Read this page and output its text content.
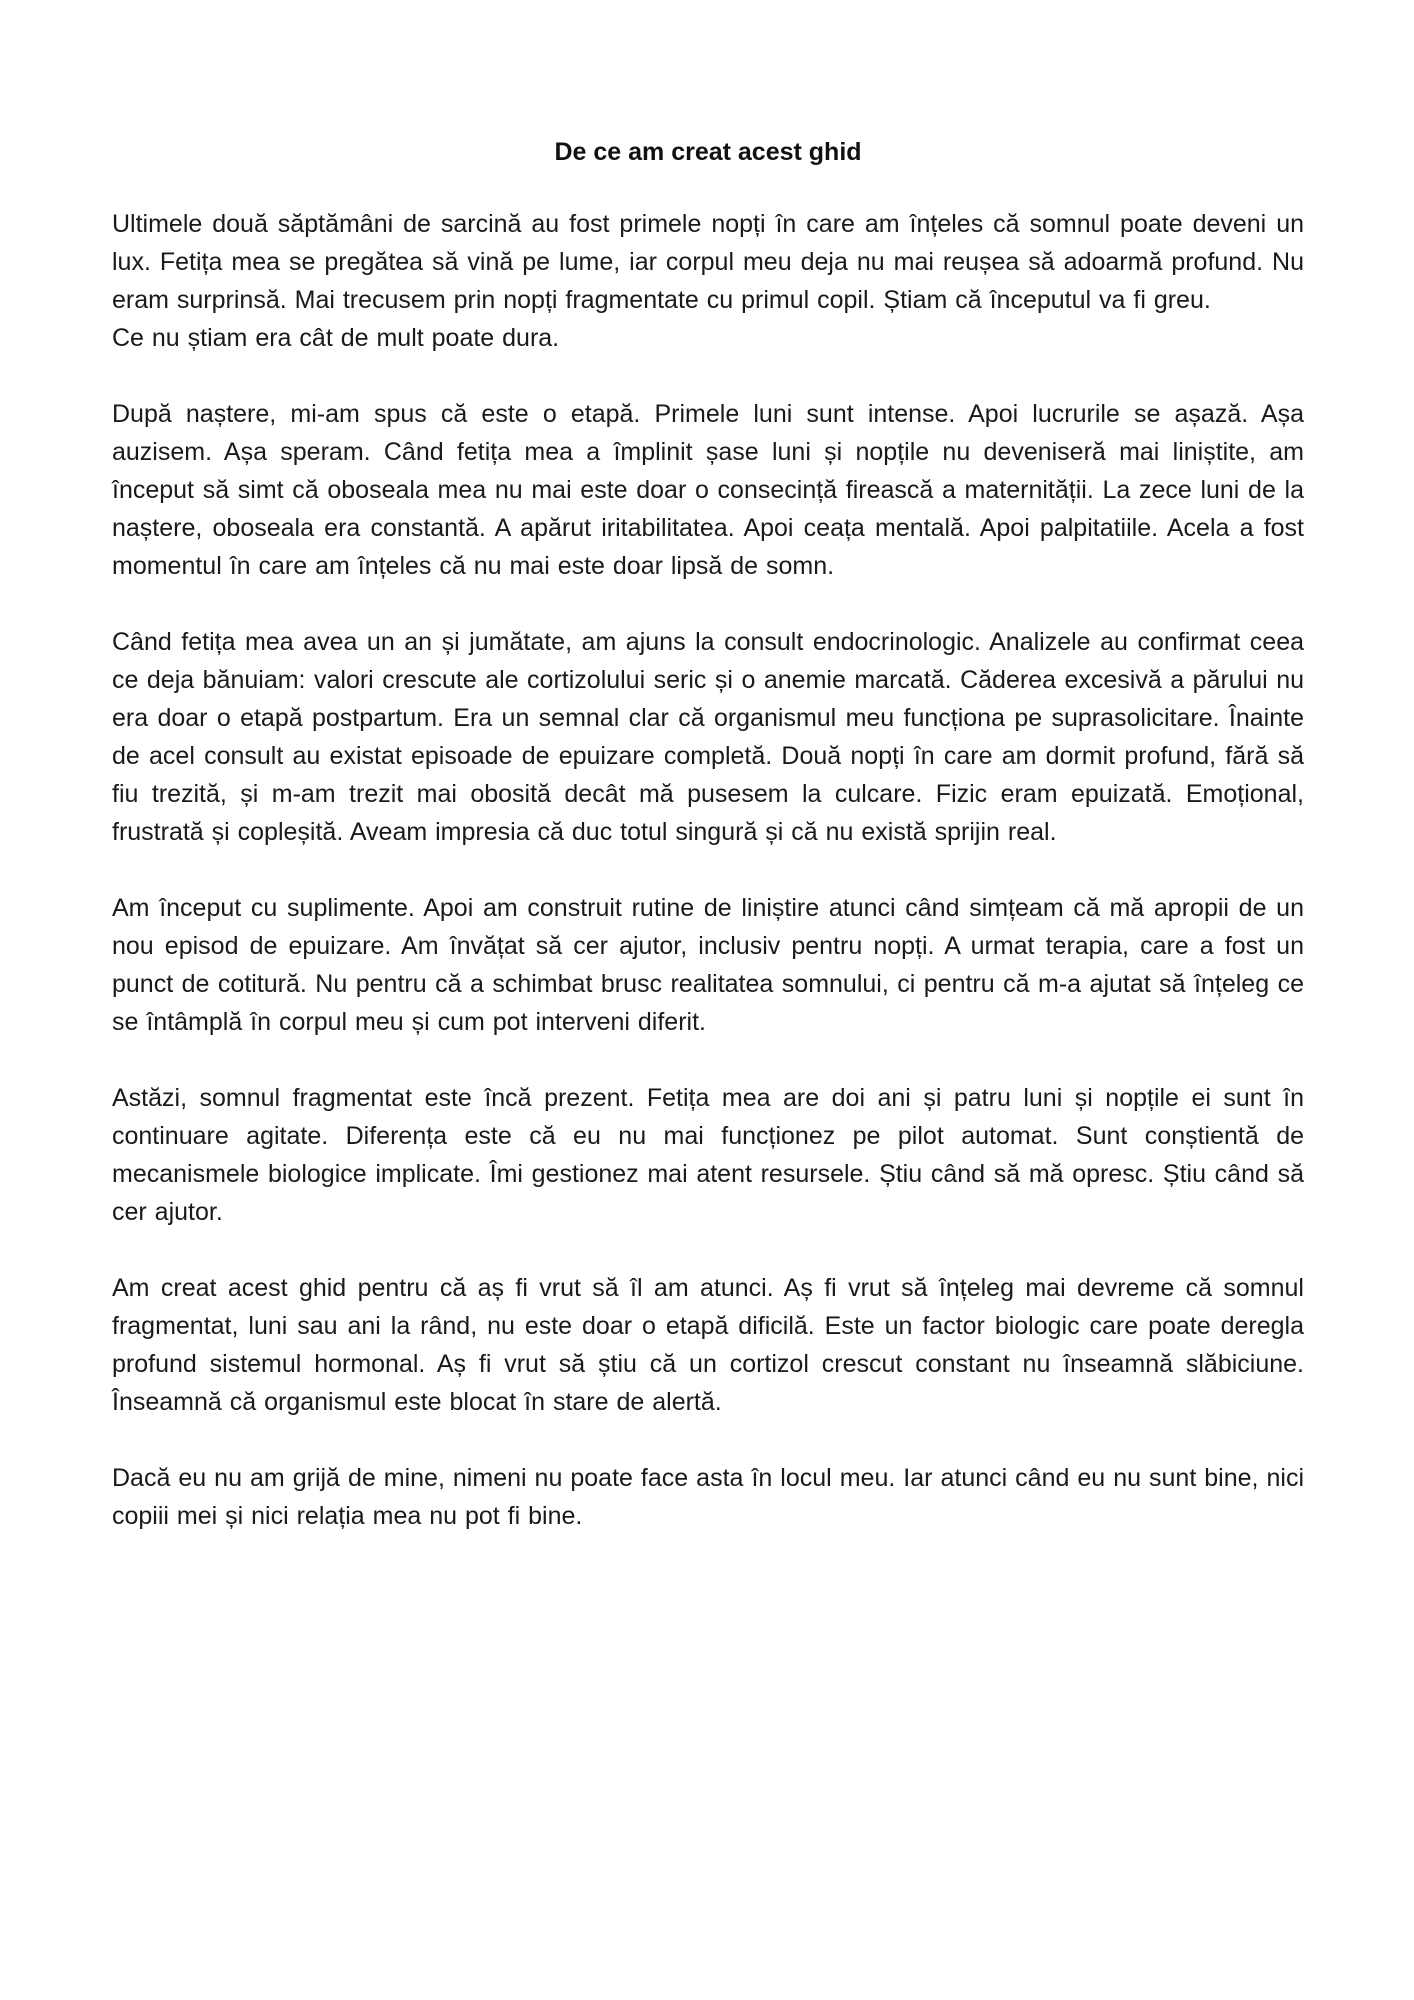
De ce am creat acest ghid

Ultimele două săptămâni de sarcină au fost primele nopți în care am înțeles că somnul poate deveni un lux. Fetița mea se pregătea să vină pe lume, iar corpul meu deja nu mai reușea să adoarmă profund. Nu eram surprinsă. Mai trecusem prin nopți fragmentate cu primul copil. Știam că începutul va fi greu.

Ce nu știam era cât de mult poate dura.

După naștere, mi-am spus că este o etapă. Primele luni sunt intense. Apoi lucrurile se așază. Așa auzisem. Așa speram. Când fetița mea a împlinit șase luni și nopțile nu deveniseră mai liniștite, am început să simt că oboseala mea nu mai este doar o consecință firească a maternității. La zece luni de la naștere, oboseala era constantă. A apărut iritabilitatea. Apoi ceața mentală. Apoi palpitatiile. Acela a fost momentul în care am înțeles că nu mai este doar lipsă de somn.

Când fetița mea avea un an și jumătate, am ajuns la consult endocrinologic. Analizele au confirmat ceea ce deja bănuiam: valori crescute ale cortizolului seric și o anemie marcată. Căderea excesivă a părului nu era doar o etapă postpartum. Era un semnal clar că organismul meu funcționa pe suprasolicitare. Înainte de acel consult au existat episoade de epuizare completă. Două nopți în care am dormit profund, fără să fiu trezită, și m-am trezit mai obosită decât mă pusesem la culcare. Fizic eram epuizată. Emoțional, frustrată și copleșită. Aveam impresia că duc totul singură și că nu există sprijin real.

Am început cu suplimente. Apoi am construit rutine de liniștire atunci când simțeam că mă apropii de un nou episod de epuizare. Am învățat să cer ajutor, inclusiv pentru nopți. A urmat terapia, care a fost un punct de cotitură. Nu pentru că a schimbat brusc realitatea somnului, ci pentru că m-a ajutat să înțeleg ce se întâmplă în corpul meu și cum pot interveni diferit.

Astăzi, somnul fragmentat este încă prezent. Fetița mea are doi ani și patru luni și nopțile ei sunt în continuare agitate. Diferența este că eu nu mai funcționez pe pilot automat. Sunt conștientă de mecanismele biologice implicate. Îmi gestionez mai atent resursele. Știu când să mă opresc. Știu când să cer ajutor.

Am creat acest ghid pentru că aș fi vrut să îl am atunci. Aș fi vrut să înțeleg mai devreme că somnul fragmentat, luni sau ani la rând, nu este doar o etapă dificilă. Este un factor biologic care poate deregla profund sistemul hormonal. Aș fi vrut să știu că un cortizol crescut constant nu înseamnă slăbiciune. Înseamnă că organismul este blocat în stare de alertă.

Dacă eu nu am grijă de mine, nimeni nu poate face asta în locul meu. Iar atunci când eu nu sunt bine, nici copiii mei și nici relația mea nu pot fi bine.
